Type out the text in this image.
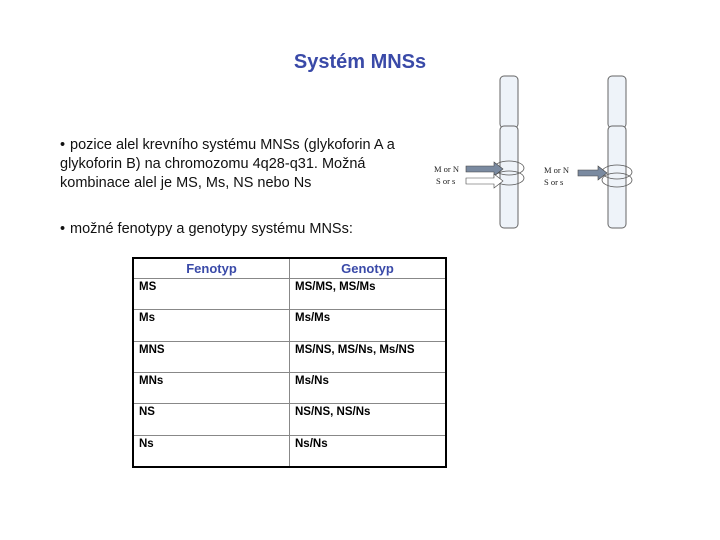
Systém MNSs

• pozice alel krevního systému MNSs (glykoforin A a glykoforin B) na chromozomu 4q28-q31. Možná kombinace alel je MS, Ms, NS nebo Ns

• možné fenotypy a genotypy systému MNSs:

M or N
S or s
M or N
S or s
Fenotyp	Genotyp
MS	MS/MS, MS/Ms
Ms	Ms/Ms
MNS	MS/NS, MS/Ns, Ms/NS
MNs	Ms/Ns
NS	NS/NS, NS/Ns
Ns	Ns/Ns
